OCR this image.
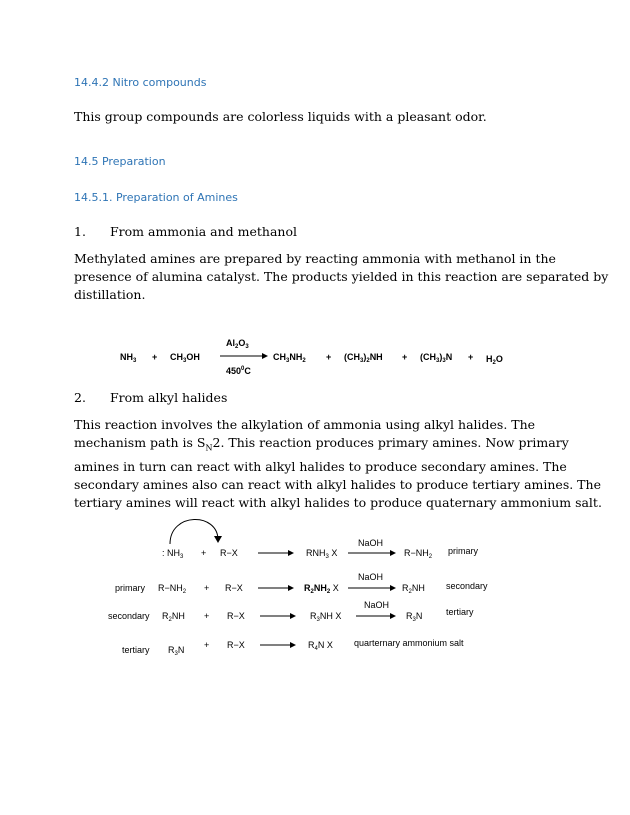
14.4.2 Nitro compounds
This group compounds are colorless liquids with a pleasant odor.
14.5 Preparation
14.5.1. Preparation of Amines
1. From ammonia and methanol
Methylated amines are prepared by reacting ammonia with methanol in the
presence of alumina catalyst. The products yielded in this reaction are separated by
distillation.
$NH_3 + CH_3OH$
$Al_2O_3$
$450^0C$
$CH_3NH_2 + (CH_3)_2NH + (CH_3)_3N + H_2O$
2. From alkyl halides
This reaction involves the alkylation of ammonia using alkyl halides. The
mechanism path is $S_N2$. This reaction produces primary amines. Now primary
amines in turn can react with alkyl halides to produce secondary amines. The
secondary amines also can react with alkyl halides to produce tertiary amines. The
tertiary amines will react with alkyl halides to produce quaternary ammonium salt.
: $NH_3 + R-X$	$RNH_3$ X
NaOH
$R-NH_2$
primary
primary $R-NH_2 + R-X$	$R_2NH_2$ X
NaOH
$R_2NH$ secondary
secondary $R_2NH + R-X$	$R_3NH$ X
NaOH
$R_3N$	tertiary
tertiary $R_3N + R-X$	$R_4N$ X quarternary ammonium salt
